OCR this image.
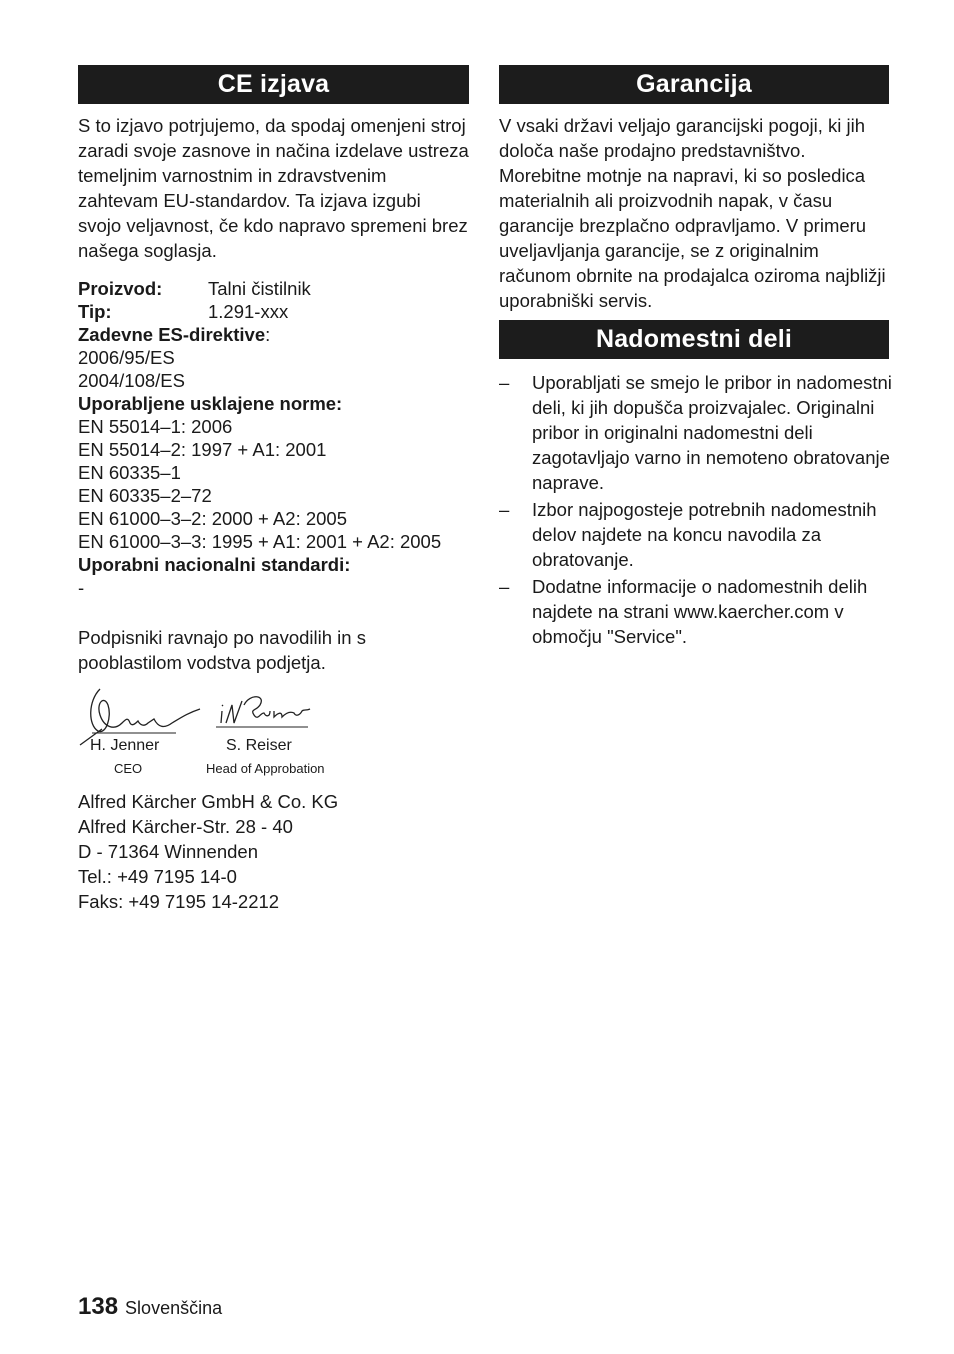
CE izjava
S to izjavo potrjujemo, da spodaj omenjeni stroj zaradi svoje zasnove in načina izdelave ustreza temeljnim varnostnim in zdravstvenim zahtevam EU-standardov. Ta izjava izgubi svojo veljavnost, če kdo napravo spremeni brez našega soglasja.
Proizvod:	Talni čistilnik
Tip:	1.291-xxx
Zadevne ES-direktive:
2006/95/ES
2004/108/ES
Uporabljene usklajene norme:
EN 55014–1: 2006
EN 55014–2: 1997 + A1: 2001
EN 60335–1
EN 60335–2–72
EN 61000–3–2: 2000 + A2: 2005
EN 61000–3–3: 1995 + A1: 2001 + A2: 2005
Uporabni nacionalni standardi:
-
Podpisniki ravnajo po navodilih in s pooblastilom vodstva podjetja.
H. Jenner
CEO
S. Reiser
Head of Approbation
Alfred Kärcher GmbH & Co. KG
Alfred Kärcher-Str. 28 - 40
D - 71364 Winnenden
Tel.: +49 7195 14-0
Faks: +49 7195 14-2212
Garancija
V vsaki državi veljajo garancijski pogoji, ki jih določa naše prodajno predstavništvo. Morebitne motnje na napravi, ki so posledica materialnih ali proizvodnih napak, v času garancije brezplačno odpravljamo. V primeru uveljavljanja garancije, se z originalnim računom obrnite na prodajalca oziroma najbližji uporabniški servis.
Nadomestni deli
– Uporabljati se smejo le pribor in nadomestni deli, ki jih dopušča proizvajalec. Originalni pribor in originalni nadomestni deli zagotavljajo varno in nemoteno obratovanje naprave.
– Izbor najpogosteje potrebnih nadomestnih delov najdete na koncu navodila za obratovanje.
– Dodatne informacije o nadomestnih delih najdete na strani www.kaercher.com v območju "Service".
138 Slovenščina
